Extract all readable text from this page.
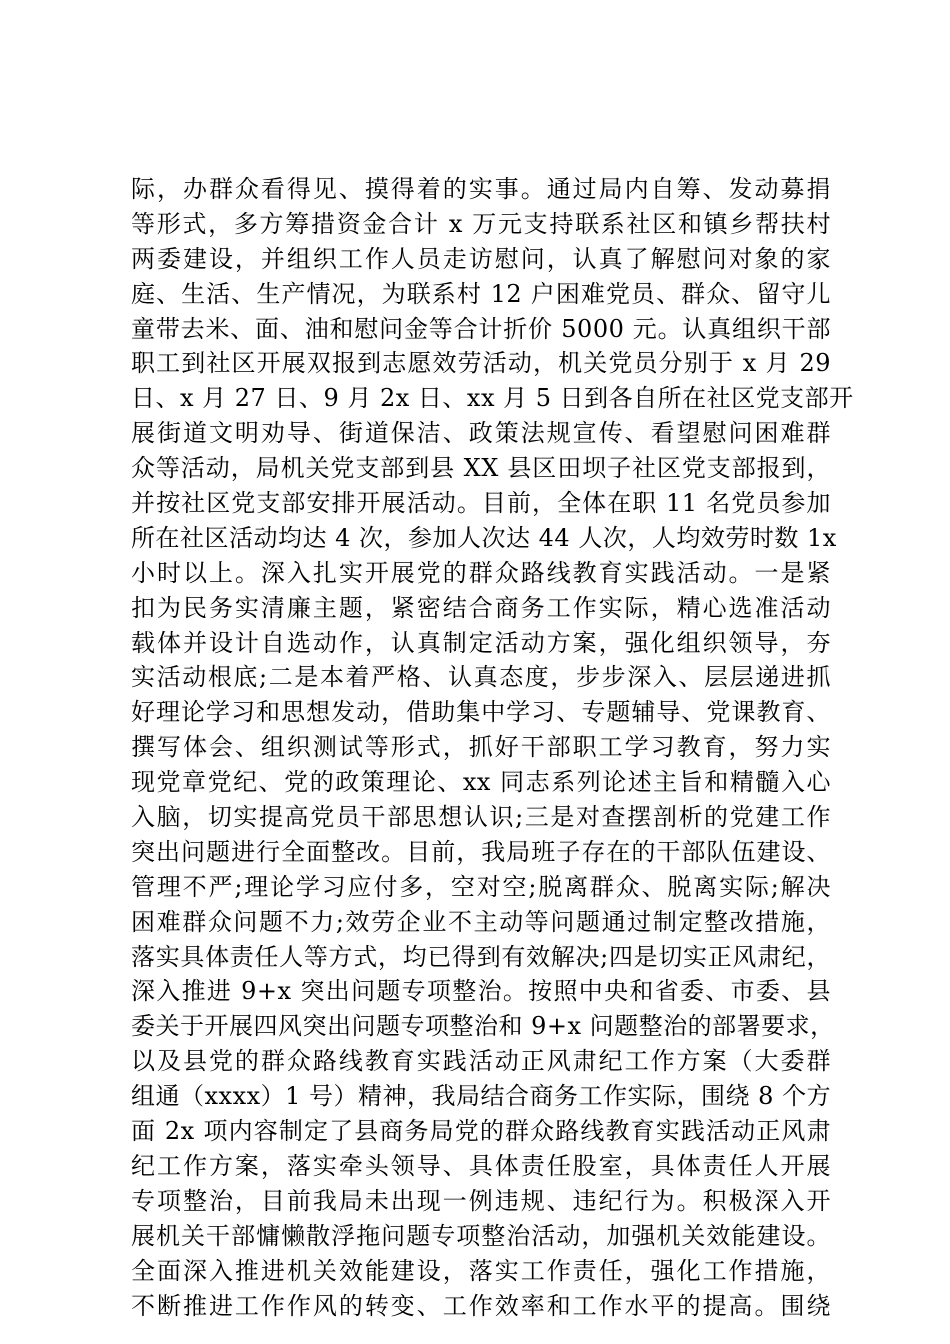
际，办群众看得见、摸得着的实事。通过局内自筹、发动募捐
等形式，多方筹措资金合计 x 万元支持联系社区和镇乡帮扶村
两委建设，并组织工作人员走访慰问，认真了解慰问对象的家
庭、生活、生产情况，为联系村 12 户困难党员、群众、留守儿
童带去米、面、油和慰问金等合计折价 5000 元。认真组织干部
职工到社区开展双报到志愿效劳活动，机关党员分别于 x 月 29
日、x 月 27 日、9 月 2x 日、xx 月 5 日到各自所在社区党支部开
展街道文明劝导、街道保洁、政策法规宣传、看望慰问困难群
众等活动，局机关党支部到县 XX 县区田坝子社区党支部报到，
并按社区党支部安排开展活动。目前，全体在职 11 名党员参加
所在社区活动均达 4 次，参加人次达 44 人次，人均效劳时数 1x
小时以上。深入扎实开展党的群众路线教育实践活动。一是紧
扣为民务实清廉主题，紧密结合商务工作实际，精心选准活动
载体并设计自选动作，认真制定活动方案，强化组织领导，夯
实活动根底;二是本着严格、认真态度，步步深入、层层递进抓
好理论学习和思想发动，借助集中学习、专题辅导、党课教育、
撰写体会、组织测试等形式，抓好干部职工学习教育，努力实
现党章党纪、党的政策理论、xx 同志系列论述主旨和精髓入心
入脑，切实提高党员干部思想认识;三是对查摆剖析的党建工作
突出问题进行全面整改。目前，我局班子存在的干部队伍建设、
管理不严;理论学习应付多，空对空;脱离群众、脱离实际;解决
困难群众问题不力;效劳企业不主动等问题通过制定整改措施，
落实具体责任人等方式，均已得到有效解决;四是切实正风肃纪，
深入推进 9+x 突出问题专项整治。按照中央和省委、市委、县
委关于开展四风突出问题专项整治和 9+x 问题整治的部署要求，
以及县党的群众路线教育实践活动正风肃纪工作方案（大委群
组通（xxxx）1 号）精神，我局结合商务工作实际，围绕 8 个方
面 2x 项内容制定了县商务局党的群众路线教育实践活动正风肃
纪工作方案，落实牵头领导、具体责任股室，具体责任人开展
专项整治，目前我局未出现一例违规、违纪行为。积极深入开
展机关干部慵懒散浮拖问题专项整治活动，加强机关效能建设。
全面深入推进机关效能建设，落实工作责任，强化工作措施，
不断推进工作作风的转变、工作效率和工作水平的提高。围绕
